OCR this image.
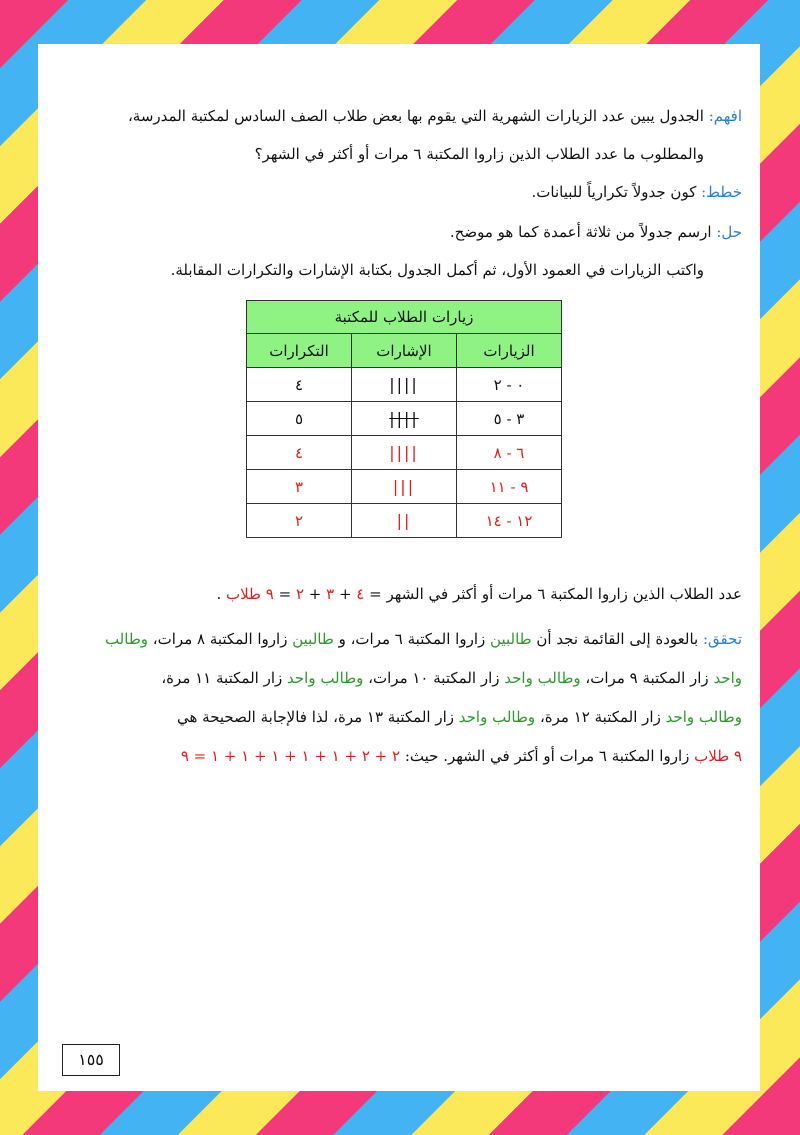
افهم: الجدول يبين عدد الزيارات الشهرية التي يقوم بها بعض طلاب الصف السادس لمكتبة المدرسة،
والمطلوب ما عدد الطلاب الذين زاروا المكتبة ٦ مرات أو أكثر في الشهر؟
خطط: كون جدولاً تكرارياً للبيانات.
حل: ارسم جدولاً من ثلاثة أعمدة كما هو موضح.
واكتب الزيارات في العمود الأول، ثم أكمل الجدول بكتابة الإشارات والتكرارات المقابلة.
زيارات الطلاب للمكتبة		
الزيارات	الإشارات	التكرارات
٠ - ٢	||||	٤
٣ - ٥	||||	٥
٦ - ٨	||||	٤
٩ - ١١	|||	٣
١٢ - ١٤	||	٢
عدد الطلاب الذين زاروا المكتبة ٦ مرات أو أكثر في الشهر = ٤ + ٣ + ٢ = ٩ طلاب .
تحقق: بالعودة إلى القائمة نجد أن طالبين زاروا المكتبة ٦ مرات، و طالبين زاروا المكتبة ٨ مرات، وطالب
واحد زار المكتبة ٩ مرات، وطالب واحد زار المكتبة ١٠ مرات، وطالب واحد زار المكتبة ١١ مرة،
وطالب واحد زار المكتبة ١٢ مرة، وطالب واحد زار المكتبة ١٣ مرة، لذا فالإجابة الصحيحة هي
٩ طلاب زاروا المكتبة ٦ مرات أو أكثر في الشهر. حيث: ٢ + ٢ + ١ + ١ + ١ + ١ + ١ = ٩
١٥٥
